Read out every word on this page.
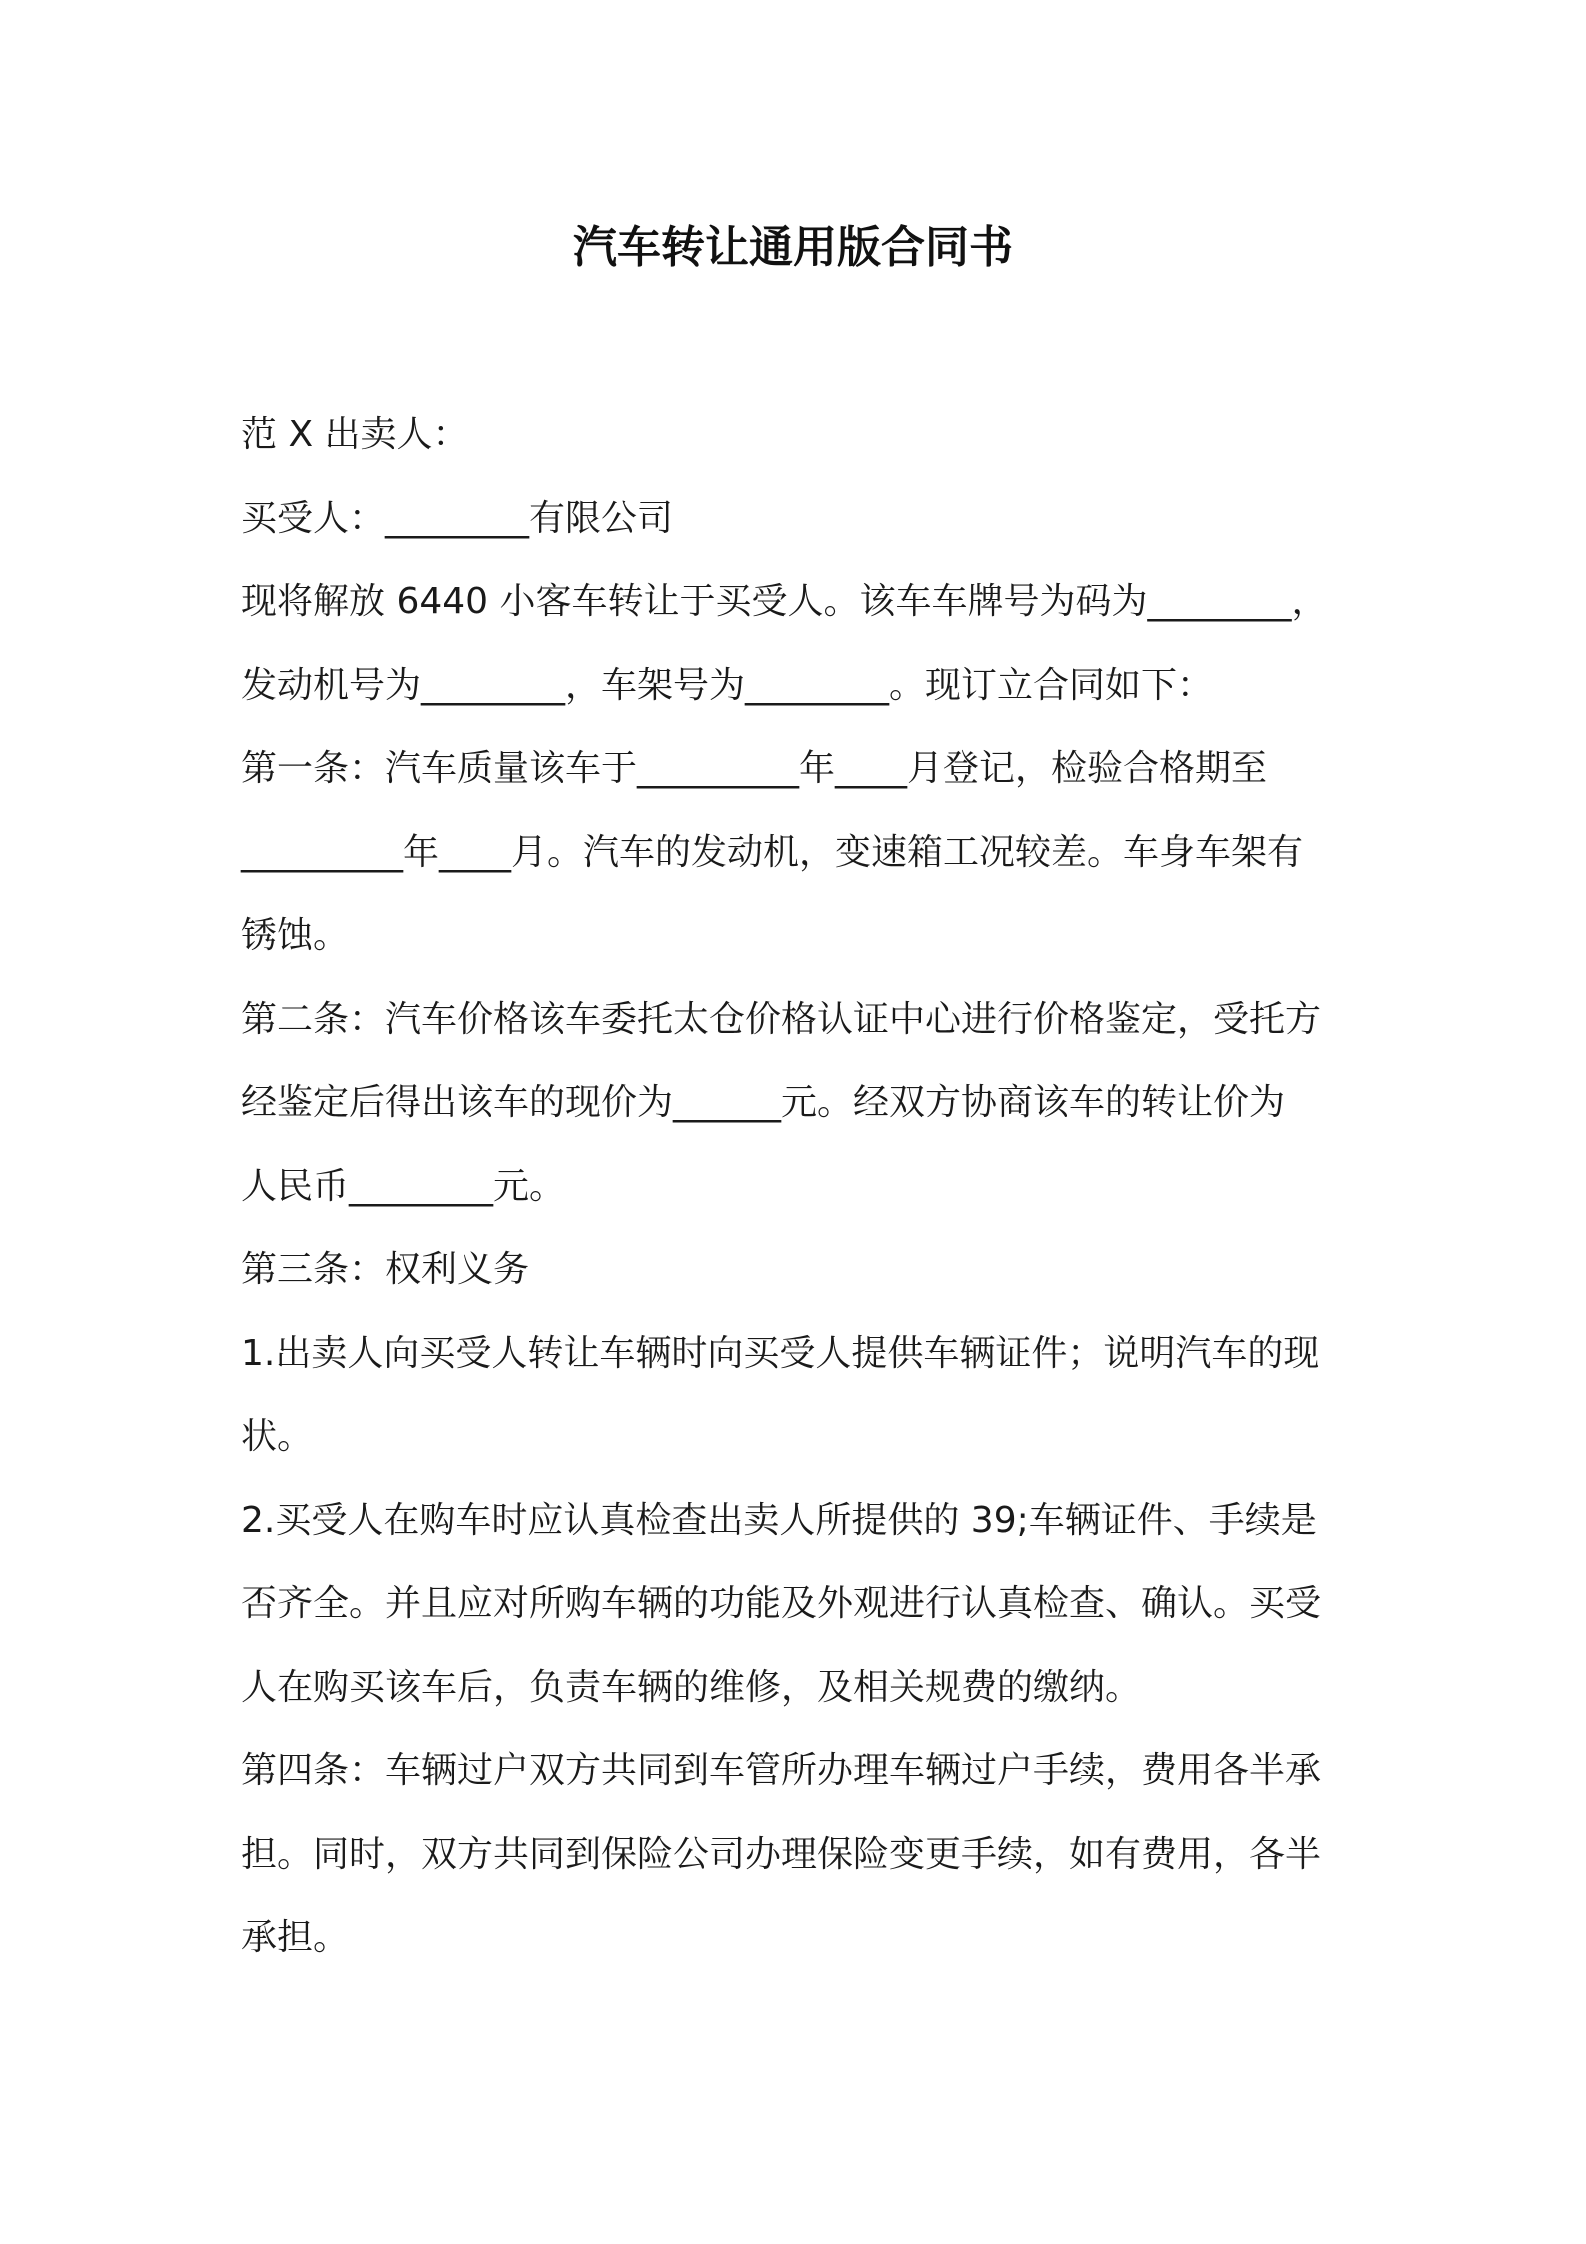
汽车转让通用版合同书

范 X 出卖人：

买受人：________有限公司

现将解放 6440 小客车转让于买受人。该车车牌号为码为________，

发动机号为________，车架号为________。现订立合同如下：

第一条：汽车质量该车于_________年____月登记，检验合格期至

_________年____月。汽车的发动机，变速箱工况较差。车身车架有

锈蚀。

第二条：汽车价格该车委托太仓价格认证中心进行价格鉴定，受托方

经鉴定后得出该车的现价为______元。经双方协商该车的转让价为

人民币________元。

第三条：权利义务

1.出卖人向买受人转让车辆时向买受人提供车辆证件；说明汽车的现

状。

2.买受人在购车时应认真检查出卖人所提供的 39;车辆证件、手续是

否齐全。并且应对所购车辆的功能及外观进行认真检查、确认。买受

人在购买该车后，负责车辆的维修，及相关规费的缴纳。

第四条：车辆过户双方共同到车管所办理车辆过户手续，费用各半承

担。同时，双方共同到保险公司办理保险变更手续，如有费用，各半

承担。
